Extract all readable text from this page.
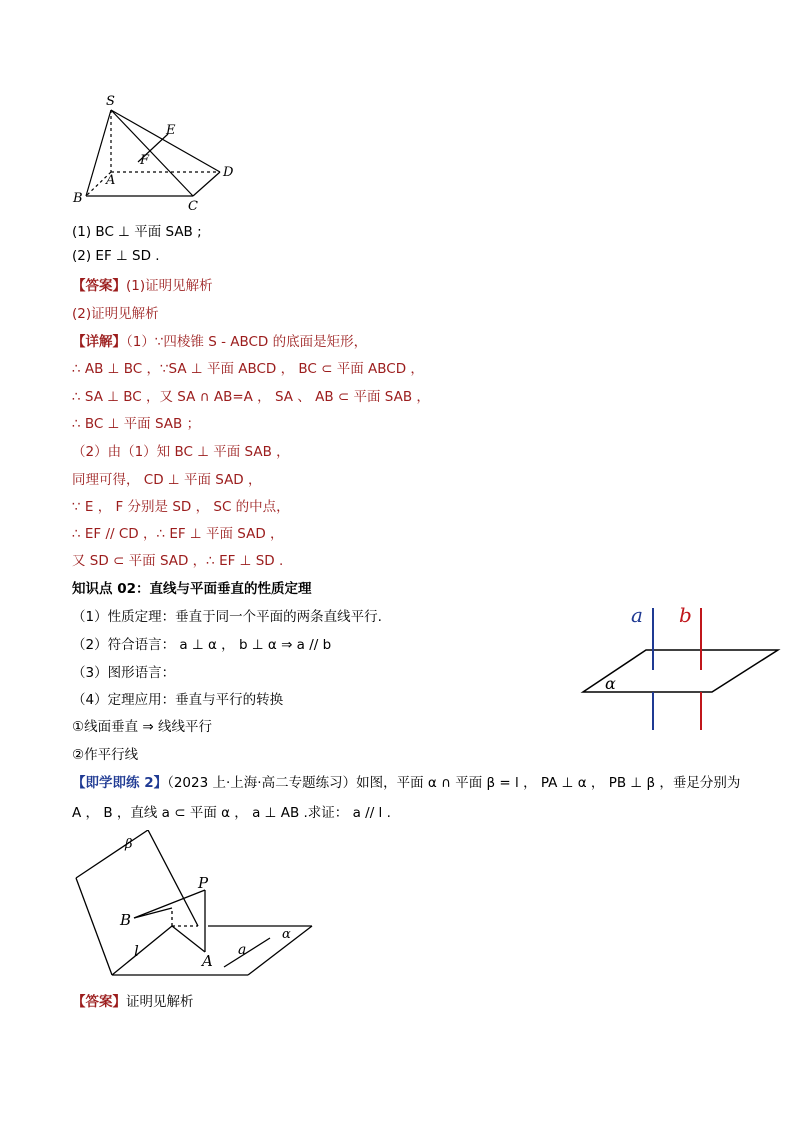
S
E
F
A
B
C
D
(1) BC ⊥ 平面 SAB ;
(2) EF ⊥ SD .
【答案】(1)证明见解析
(2)证明见解析
【详解】（1）∵四棱锥 S - ABCD 的底面是矩形，
∴ AB ⊥ BC ，∵SA ⊥ 平面 ABCD ， BC ⊂ 平面 ABCD ，
∴ SA ⊥ BC ，又 SA ∩ AB=A ， SA 、 AB ⊂ 平面 SAB ，
∴ BC ⊥ 平面 SAB ；
（2）由（1）知 BC ⊥ 平面 SAB ，
同理可得， CD ⊥ 平面 SAD ，
∵ E ， F 分别是 SD ， SC 的中点，
∴ EF // CD ，∴ EF ⊥ 平面 SAD ，
又 SD ⊂ 平面 SAD ，∴ EF ⊥ SD .
知识点 02：直线与平面垂直的性质定理
（1）性质定理：垂直于同一个平面的两条直线平行.
（2）符合语言： a ⊥ α ， b ⊥ α ⇒ a // b
（3）图形语言：
（4）定理应用：垂直与平行的转换
①线面垂直 ⇒ 线线平行
②作平行线
a b
α
【即学即练 2】（2023 上·上海·高二专题练习）如图，平面 α ∩ 平面 β = l ， PA ⊥ α ， PB ⊥ β ，垂足分别为
A ， B ，直线 a ⊂ 平面 α ， a ⊥ AB .求证： a // l .
β
P
B
l	a
α
A
【答案】证明见解析
